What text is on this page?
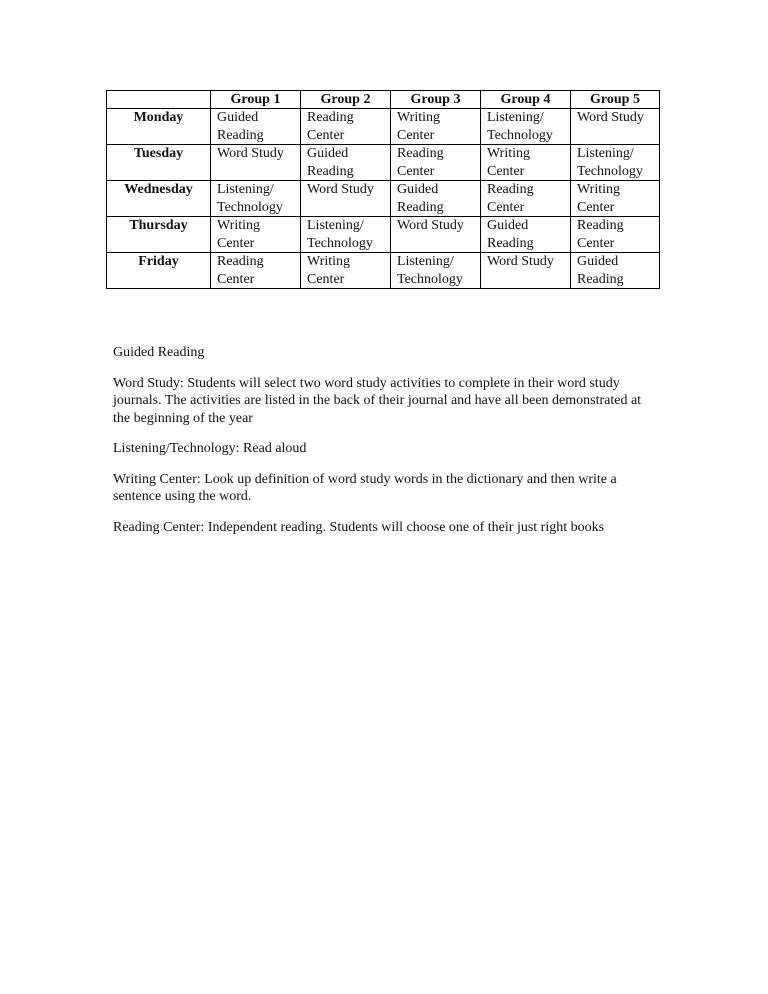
	Group 1	Group 2	Group 3	Group 4	Group 5
Monday	Guided Reading	Reading Center	Writing Center	Listening/ Technology	Word Study
Tuesday	Word Study	Guided Reading	Reading Center	Writing Center	Listening/ Technology
Wednesday	Listening/ Technology	Word Study	Guided Reading	Reading Center	Writing Center
Thursday	Writing Center	Listening/ Technology	Word Study	Guided Reading	Reading Center
Friday	Reading Center	Writing Center	Listening/ Technology	Word Study	Guided Reading

Guided Reading

Word Study: Students will select two word study activities to complete in their word study journals. The activities are listed in the back of their journal and have all been demonstrated at the beginning of the year

Listening/Technology: Read aloud

Writing Center: Look up definition of word study words in the dictionary and then write a sentence using the word.

Reading Center: Independent reading. Students will choose one of their just right books
